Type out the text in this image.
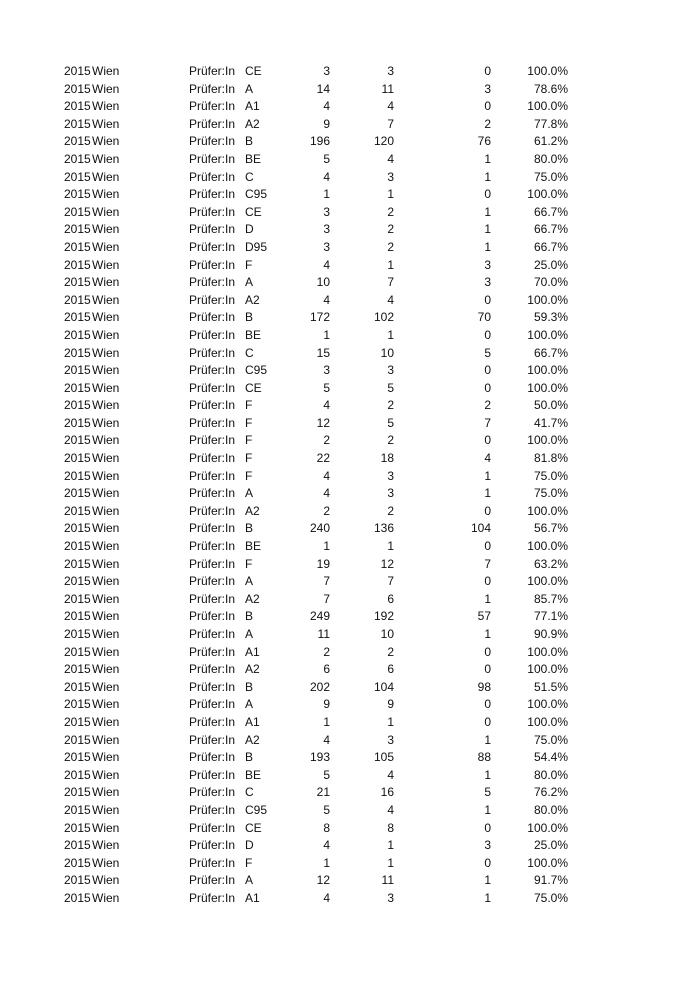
2015 Wien	Prüfer:In CE	3	3	0	100.0%
2015 Wien	Prüfer:In A	14	11	3	78.6%
2015 Wien	Prüfer:In A1	4	4	0	100.0%
2015 Wien	Prüfer:In A2	9	7	2	77.8%
2015 Wien	Prüfer:In B	196	120	76	61.2%
2015 Wien	Prüfer:In BE	5	4	1	80.0%
2015 Wien	Prüfer:In C	4	3	1	75.0%
2015 Wien	Prüfer:In C95	1	1	0	100.0%
2015 Wien	Prüfer:In CE	3	2	1	66.7%
2015 Wien	Prüfer:In D	3	2	1	66.7%
2015 Wien	Prüfer:In D95	3	2	1	66.7%
2015 Wien	Prüfer:In F	4	1	3	25.0%
2015 Wien	Prüfer:In A	10	7	3	70.0%
2015 Wien	Prüfer:In A2	4	4	0	100.0%
2015 Wien	Prüfer:In B	172	102	70	59.3%
2015 Wien	Prüfer:In BE	1	1	0	100.0%
2015 Wien	Prüfer:In C	15	10	5	66.7%
2015 Wien	Prüfer:In C95	3	3	0	100.0%
2015 Wien	Prüfer:In CE	5	5	0	100.0%
2015 Wien	Prüfer:In F	4	2	2	50.0%
2015 Wien	Prüfer:In F	12	5	7	41.7%
2015 Wien	Prüfer:In F	2	2	0	100.0%
2015 Wien	Prüfer:In F	22	18	4	81.8%
2015 Wien	Prüfer:In F	4	3	1	75.0%
2015 Wien	Prüfer:In A	4	3	1	75.0%
2015 Wien	Prüfer:In A2	2	2	0	100.0%
2015 Wien	Prüfer:In B	240	136	104	56.7%
2015 Wien	Prüfer:In BE	1	1	0	100.0%
2015 Wien	Prüfer:In F	19	12	7	63.2%
2015 Wien	Prüfer:In A	7	7	0	100.0%
2015 Wien	Prüfer:In A2	7	6	1	85.7%
2015 Wien	Prüfer:In B	249	192	57	77.1%
2015 Wien	Prüfer:In A	11	10	1	90.9%
2015 Wien	Prüfer:In A1	2	2	0	100.0%
2015 Wien	Prüfer:In A2	6	6	0	100.0%
2015 Wien	Prüfer:In B	202	104	98	51.5%
2015 Wien	Prüfer:In A	9	9	0	100.0%
2015 Wien	Prüfer:In A1	1	1	0	100.0%
2015 Wien	Prüfer:In A2	4	3	1	75.0%
2015 Wien	Prüfer:In B	193	105	88	54.4%
2015 Wien	Prüfer:In BE	5	4	1	80.0%
2015 Wien	Prüfer:In C	21	16	5	76.2%
2015 Wien	Prüfer:In C95	5	4	1	80.0%
2015 Wien	Prüfer:In CE	8	8	0	100.0%
2015 Wien	Prüfer:In D	4	1	3	25.0%
2015 Wien	Prüfer:In F	1	1	0	100.0%
2015 Wien	Prüfer:In A	12	11	1	91.7%
2015 Wien	Prüfer:In A1	4	3	1	75.0%
